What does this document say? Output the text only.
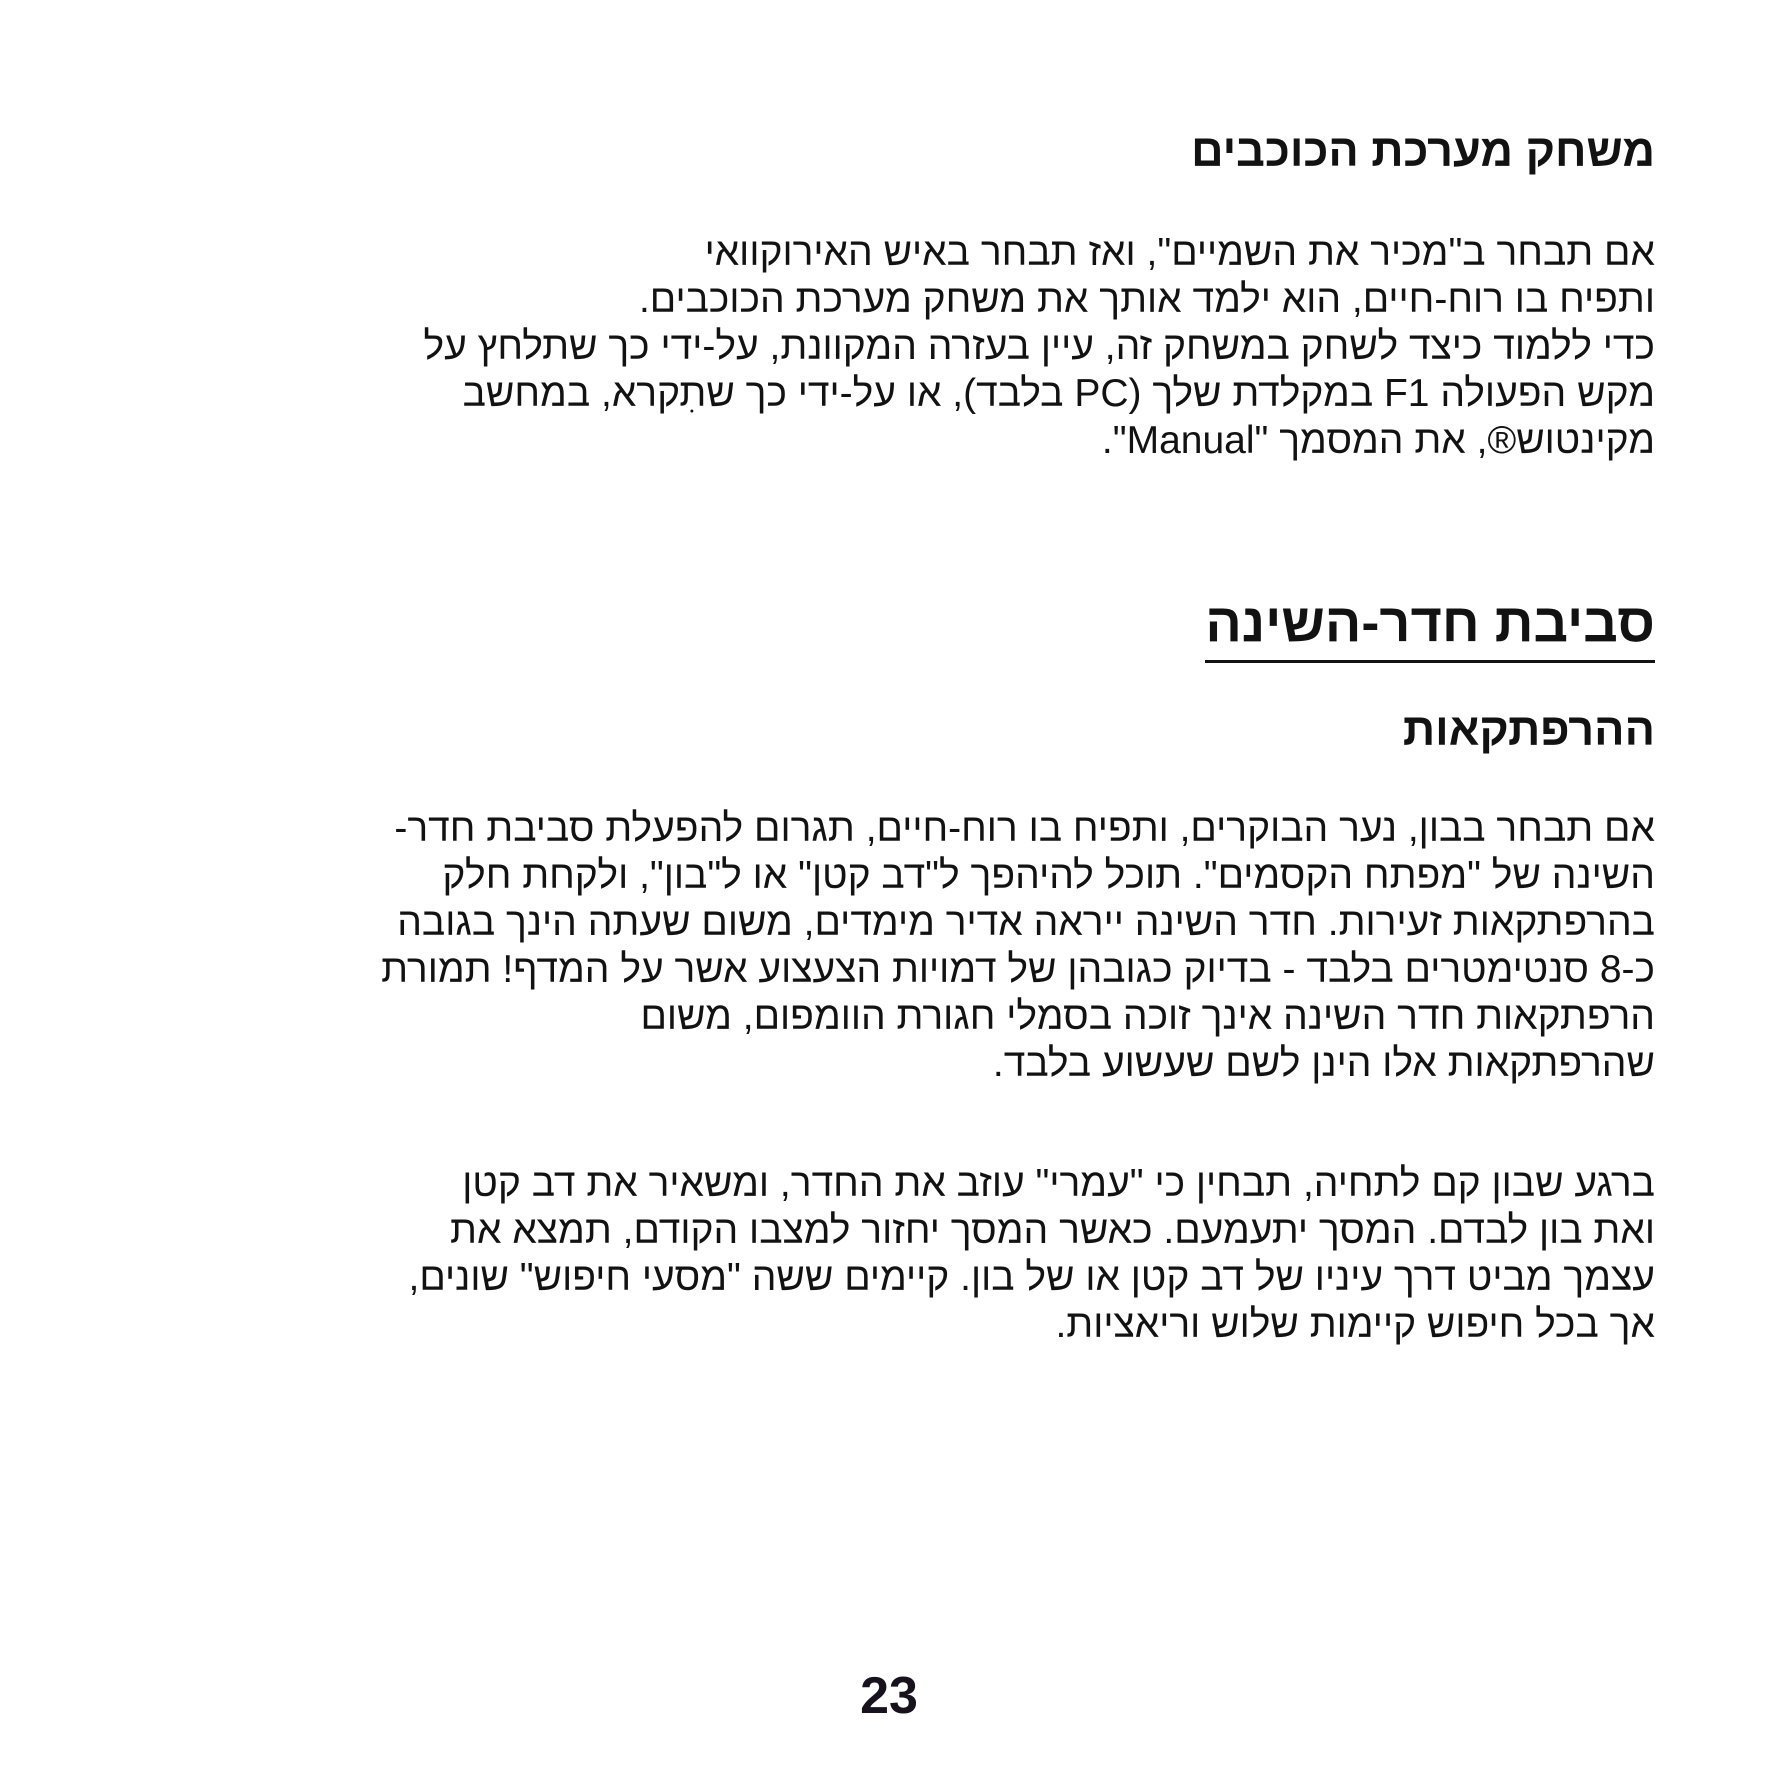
משחק מערכת הכוכבים

אם תבחר ב"מכיר את השמיים", ואז תבחר באיש האירוקוואי
ותפיח בו רוח-חיים, הוא ילמד אותך את משחק מערכת הכוכבים.
כדי ללמוד כיצד לשחק במשחק זה, עיין בעזרה המקוונת, על-ידי כך שתלחץ על
מקש הפעולה F1 במקלדת שלך (PC בלבד), או על-ידי כך שתִקרא, במחשב
מקינטוש®, את המסמך "Manual".

סביבת חדר-השינה
ההרפתקאות

אם תבחר בבון, נער הבוקרים, ותפיח בו רוח-חיים, תגרום להפעלת סביבת חדר-
השינה של "מפתח הקסמים". תוכל להיהפך ל"דב קטן" או ל"בון", ולקחת חלק
בהרפתקאות זעירות. חדר השינה ייראה אדיר מימדים, משום שעתה הינך בגובה
כ-8 סנטימטרים בלבד - בדיוק כגובהן של דמויות הצעצוע אשר על המדף! תמורת
הרפתקאות חדר השינה אינך זוכה בסמלי חגורת הוומפום, משום
שהרפתקאות אלו הינן לשם שעשוע בלבד.

ברגע שבון קם לתחיה, תבחין כי "עמרי" עוזב את החדר, ומשאיר את דב קטן
ואת בון לבדם. המסך יתעמעם. כאשר המסך יחזור למצבו הקודם, תמצא את
עצמך מביט דרך עיניו של דב קטן או של בון. קיימים ששה "מסעי חיפוש" שונים,
אך בכל חיפוש קיימות שלוש וריאציות.

23
